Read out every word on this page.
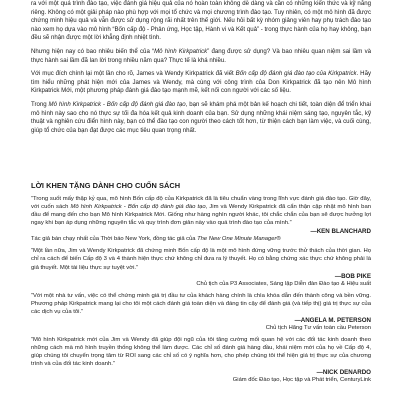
ra với một quá trình đào tạo, việc đánh giá hiệu quả của nó hoàn toàn không dễ dàng và cần có những kiến thức và kỹ năng riêng. Không có một giải pháp nào phù hợp với mọi tổ chức và mọi chương trình đào tạo. Tuy nhiên, có một mô hình đã được chứng minh hiệu quả và vẫn được sử dụng rộng rãi nhất trên thế giới. Nếu hỏi bất kỳ nhóm giảng viên hay phụ trách đào tạo nào xem họ dựa vào mô hình “Bốn cấp độ - Phản ứng, Học tập, Hành vi và Kết quả” - trong thực hành của họ hay không, bạn đều sẽ nhận được một lời khẳng định nhiệt tình.

Nhưng hiện nay có bao nhiêu biến thể của “Mô hình Kirkpatrick” đang được sử dụng? Và bao nhiêu quan niệm sai lầm và thực hành sai lầm đã lan lời trong nhiều năm qua? Thực tế là khá nhiều.

Với mục đích chính lại một lần cho rõ, James và Wendy Kirkpatrick đã viết Bốn cấp độ đánh giá đào tạo của Kirkpatrick. Hãy tìm hiểu những phát hiện mới của James và Wendy, mà cùng với công trình của Don Kirkpatrick đã tạo nên Mô hình Kirkpatrick Mới, một phương pháp đánh giá đào tạo mạnh mẽ, kết nối con người với các số liệu.

Trong Mô hình Kirkpatrick - Bốn cấp độ đánh giá đào tạo, bạn sẽ khám phá một bản kế hoạch chi tiết, toàn diện để triển khai mô hình này sao cho nó thực sự tối đa hóa kết quả kinh doanh của bạn. Sử dụng những khái niệm sáng tạo, nguyên tắc, kỹ thuật và nghiên cứu điển hình này, bạn có thể đào tạo con người theo cách tốt hơn, từ thiện cách bạn làm việc, và cuối cùng, giúp tổ chức của bạn đạt được các mục tiêu quan trọng nhất.

LỜI KHEN TẶNG DÀNH CHO CUỐN SÁCH

“Trong suốt mấy thập kỷ qua, mô hình Bốn cấp độ của Kirkpatrick đã là tiêu chuẩn vàng trong lĩnh vực đánh giá đào tạo. Giờ đây, với cuốn sách Mô hình Kirkpatrick - Bốn cấp độ đánh giá đào tạo, Jim và Wendy Kirkpatrick đã cẩn thận cập nhật mô hình ban đầu để mang đến cho bạn Mô hình Kirkpatrick Mới. Giống như hàng nghìn người khác, tôi chắc chắn của bạn sẽ được hưởng lợi ngay khi bạn áp dụng những nguyên tắc và quy trình đơn giản này vào quá trình đào tạo của mình.”

—KEN BLANCHARD

Tác giả bán chạy nhất của Thời báo New York, đồng tác giả của The New One Minute Manager®

“Một lần nữa, Jim và Wendy Kirkpatrick đã chứng minh Bốn cấp độ là một mô hình đứng vững trước thử thách của thời gian. Họ chỉ ra cách để biến Cấp độ 3 và 4 thành hiện thực chứ không chỉ đưa ra lý thuyết. Họ có bằng chứng xác thực chứ không phải là giả thuyết. Một tài liệu thực sự tuyệt vời.”

—BOB PIKE

Chủ tịch của P3 Associates, Sáng lập Diễn đàn Đào tạo & Hiệu suất

“Với một nhà tư vấn, việc có thể chứng minh giá trị đầu tư của khách hàng chính là chìa khóa dẫn đến thành công và bền vững. Phương pháp Kirkpatrick mang lại cho tôi một cách đánh giá toàn diện và đáng tin cậy để đánh giá (và tiếp thị) giá trị thực sự của các dịch vụ của tôi.”

—ANGELA M. PETERSON

Chủ tịch Hãng Tư vấn toàn cầu Peterson

“Mô hình Kirkpatrick mới của Jim và Wendy đã giúp đội ngũ của tôi tăng cường mối quan hệ với các đối tác kinh doanh theo những cách mà mô hình truyền thống không thể làm được. Các chỉ số đánh giá hàng đầu, khái niệm mới của họ về Cấp độ 4, giúp chúng tôi chuyển trọng tâm từ ROI sang các chỉ số có ý nghĩa hơn, cho phép chúng tôi thể hiện giá trị thực sự của chương trình và của đối tác kinh doanh.”

—NICK DENARDO

Giám đốc Đào tạo, Học tập và Phát triển, CenturyLink
